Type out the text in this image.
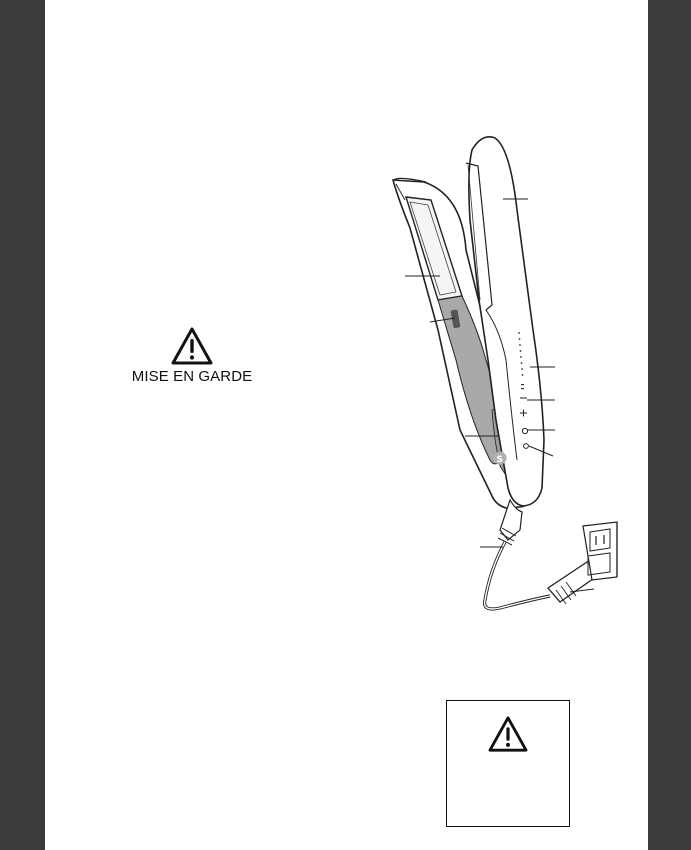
MISE EN GARDE
S
